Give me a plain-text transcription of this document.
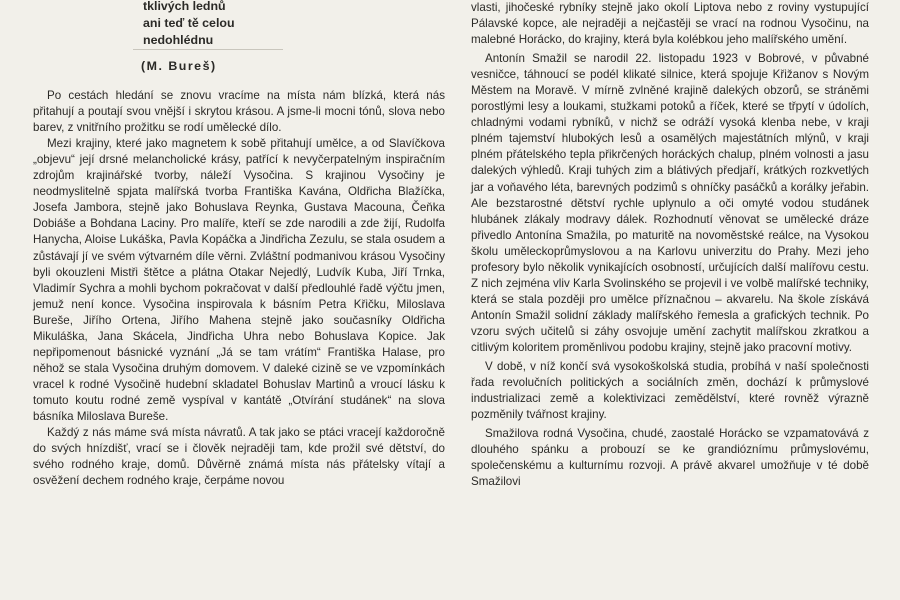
tklivých lednů
ani teď tě celou
nedohlédnu
(M. Bureš)

Po cestách hledání se znovu vracíme na místa nám blízká, která nás přitahují a poutají svou vnější i skrytou krásou. A jsme-li mocni tónů, slova nebo barev, z vnitřního prožitku se rodí umělecké dílo.

Mezi krajiny, které jako magnetem k sobě přitahují umělce, a od Slavíčkova „objevu“ její drsné melancholické krásy, patřící k nevyčerpatelným inspiračním zdrojům krajinářské tvorby, náleží Vysočina. S krajinou Vysočiny je neodmyslitelně spjata malířská tvorba Františka Kavána, Oldřicha Blažíčka, Josefa Jambora, stejně jako Bohuslava Reynka, Gustava Macouna, Čeňka Dobiáše a Bohdana Laciny. Pro malíře, kteří se zde narodili a zde žijí, Rudolfa Hanycha, Aloise Lukáška, Pavla Kopáčka a Jindřicha Zezulu, se stala osudem a zůstávají jí ve svém výtvarném díle věrni. Zvláštní podmanivou krásou Vysočiny byli okouzleni Mistři štětce a plátna Otakar Nejedlý, Ludvík Kuba, Jiří Trnka, Vladimír Sychra a mohli bychom pokračovat v další předlouhlé řadě výčtu jmen, jemuž není konce. Vysočina inspirovala k básním Petra Křičku, Miloslava Bureše, Jiřího Ortena, Jiřího Mahena stejně jako současníky Oldřicha Mikuláška, Jana Skácela, Jindřicha Uhra nebo Bohuslava Kopice. Jak nepřipomenout básnické vyznání „Já se tam vrátím“ Františka Halase, pro něhož se stala Vysočina druhým domovem. V daleké cizině se ve vzpomínkách vracel k rodné Vysočině hudební skladatel Bohuslav Martinů a vroucí lásku k tomuto koutu rodné země vyspíval v kantátě „Otvírání studánek“ na slova básníka Miloslava Bureše.

Každý z nás máme svá místa návratů. A tak jako se ptáci vracejí každoročně do svých hnízdišť, vrací se i člověk nejraději tam, kde prožil své dětství, do svého rodného kraje, domů. Důvěrně známá místa nás přátelsky vítají a osvěžení dechem rodného kraje, čerpáme novou

vlasti, jihočeské rybníky stejně jako okolí Liptova nebo z roviny vystupující Pálavské kopce, ale nejraději a nejčastěji se vrací na rodnou Vysočinu, na malebné Horácko, do krajiny, která byla kolébkou jeho malířského umění.

Antonín Smažil se narodil 22. listopadu 1923 v Bobrové, v půvabné vesničce, táhnoucí se podél klikaté silnice, která spojuje Křižanov s Novým Městem na Moravě. V mírně zvlněné krajině dalekých obzorů, se stráněmi porostlými lesy a loukami, stužkami potoků a říček, které se třpytí v údolích, chladnými vodami rybníků, v nichž se odráží vysoká klenba nebe, v kraji plném tajemství hlubokých lesů a osamělých majestátních mlýnů, v kraji plném přátelského tepla přikrčených horáckých chalup, plném volnosti a jasu dalekých výhledů. Kraji tuhých zim a blátivých předjaří, krátkých rozkvetlých jar a voňavého léta, barevných podzimů s ohníčky pasáčků a korálky jeřabin. Ale bezstarostné dětství rychle uplynulo a oči omyté vodou studánek hlubánek zlákaly modravy dálek. Rozhodnutí věnovat se umělecké dráze přivedlo Antonína Smažila, po maturitě na novoměstské reálce, na Vysokou školu uměleckoprůmyslovou a na Karlovu univerzitu do Prahy. Mezi jeho profesory bylo několik vynikajících osobností, určujících další malířovu cestu. Z nich zejména vliv Karla Svolinského se projevil i ve volbě malířské techniky, která se stala později pro umělce příznačnou – akvarelu. Na škole získává Antonín Smažil solidní základy malířského řemesla a grafických technik. Po vzoru svých učitelů si záhy osvojuje umění zachytit malířskou zkratkou a citlivým koloritem proměnlivou podobu krajiny, stejně jako pracovní motivy.

V době, v níž končí svá vysokoškolská studia, probíhá v naší společnosti řada revolučních politických a sociálních změn, dochází k průmyslové industrializaci země a kolektivizaci zemědělství, které rovněž výrazně pozměnily tvářnost krajiny.

Smažilova rodná Vysočina, chudé, zaostalé Horácko se vzpamatovává z dlouhého spánku a probouzí se ke grandióznímu průmyslovému, společenskému a kulturnímu rozvoji. A právě akvarel umožňuje v té době Smažilovi
